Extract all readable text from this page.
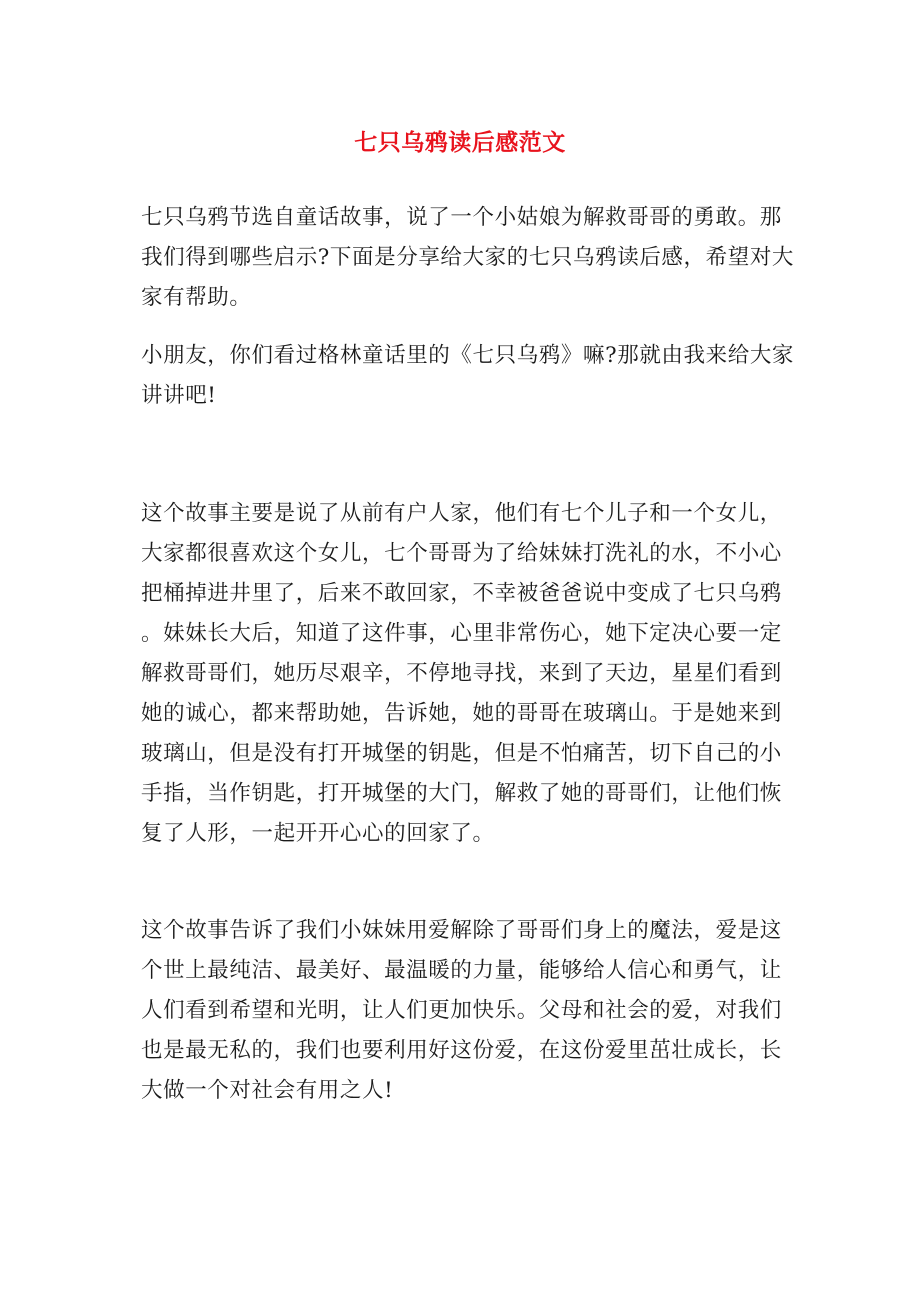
七只乌鸦读后感范文
七只乌鸦节选自童话故事，说了一个小姑娘为解救哥哥的勇敢。那
我们得到哪些启示?下面是分享给大家的七只乌鸦读后感，希望对大
家有帮助。
小朋友，你们看过格林童话里的《七只乌鸦》嘛?那就由我来给大家
讲讲吧!
这个故事主要是说了从前有户人家，他们有七个儿子和一个女儿，
大家都很喜欢这个女儿，七个哥哥为了给妹妹打洗礼的水，不小心
把桶掉进井里了，后来不敢回家，不幸被爸爸说中变成了七只乌鸦
。妹妹长大后，知道了这件事，心里非常伤心，她下定决心要一定
解救哥哥们，她历尽艰辛，不停地寻找，来到了天边，星星们看到
她的诚心，都来帮助她，告诉她，她的哥哥在玻璃山。于是她来到
玻璃山，但是没有打开城堡的钥匙，但是不怕痛苦，切下自己的小
手指，当作钥匙，打开城堡的大门，解救了她的哥哥们，让他们恢
复了人形，一起开开心心的回家了。
这个故事告诉了我们小妹妹用爱解除了哥哥们身上的魔法，爱是这
个世上最纯洁、最美好、最温暖的力量，能够给人信心和勇气，让
人们看到希望和光明，让人们更加快乐。父母和社会的爱，对我们
也是最无私的，我们也要利用好这份爱，在这份爱里茁壮成长，长
大做一个对社会有用之人!
